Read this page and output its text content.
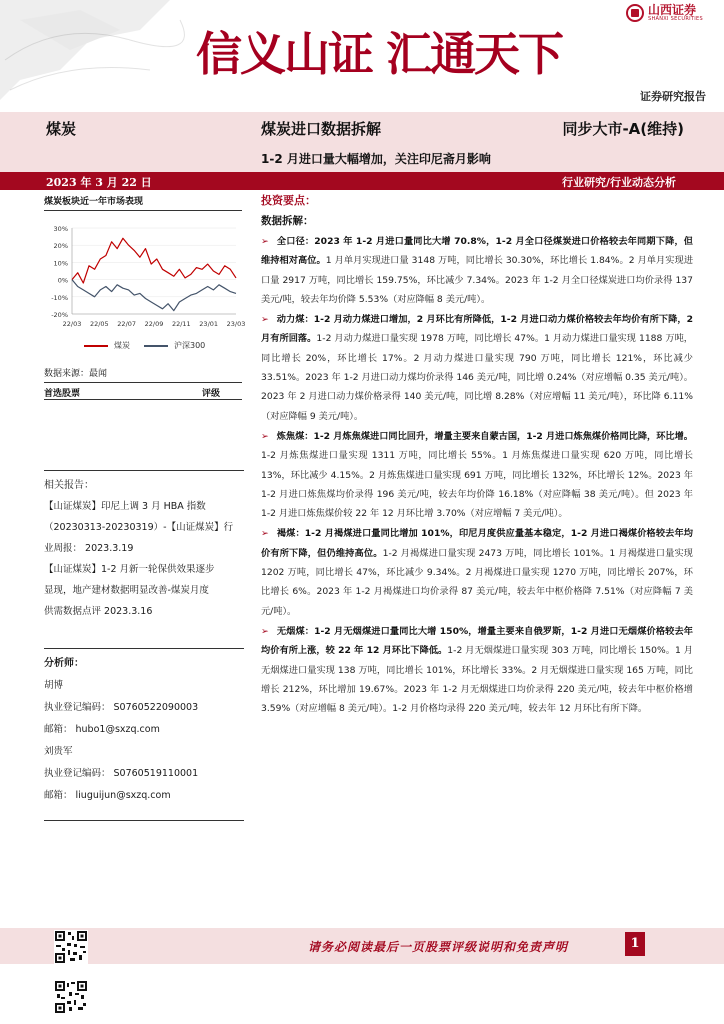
信义山证 汇通天下
山西证券
SHANXI SECURITIES
证券研究报告
煤炭	煤炭进口数据拆解	同步大市-A(维持)
1-2 月进口量大幅增加，关注印尼斋月影响
2023 年 3 月 22 日	行业研究/行业动态分析
煤炭板块近一年市场表现
30%
20%
10%
0%
-10%
-20%
22/03 22/05 22/07 22/09 22/11 23/01 23/03
煤炭	沪深300
数据来源：最闻
首选股票	评级
相关报告：
【山证煤炭】印尼上调 3 月 HBA 指数
（20230313-20230319）-【山证煤炭】行
业周报： 2023.3.19
【山证煤炭】1-2 月新一轮保供效果逐步
显现，地产建材数据明显改善-煤炭月度
供需数据点评 2023.3.16
分析师：
胡博
执业登记编码： S0760522090003
邮箱： hubo1@sxzq.com
刘贵军
执业登记编码： S0760519110001
邮箱： liuguijun@sxzq.com
投资要点：
数据拆解：
➢ 全口径：2023 年 1-2 月进口量同比大增 70.8%，1-2 月全口径煤炭进口价格较去年同期下降，但维持相对高位。1 月单月实现进口量 3148 万吨，同比增长 30.30%，环比增长 1.84%。2 月单月实现进口量 2917 万吨，同比增长 159.75%，环比减少 7.34%。2023 年 1-2 月全口径煤炭进口均价录得 137 美元/吨，较去年均价降 5.53%（对应降幅 8 美元/吨）。
➢ 动力煤：1-2 月动力煤进口增加，2 月环比有所降低，1-2 月进口动力煤价格较去年均价有所下降，2 月有所回落。1-2 月动力煤进口量实现 1978 万吨，同比增长 47%。1 月动力煤进口量实现 1188 万吨，同比增长 20%，环比增长 17%。2 月动力煤进口量实现 790 万吨，同比增长 121%，环比减少 33.51%。2023 年 1-2 月进口动力煤均价录得 146 美元/吨，同比增 0.24%（对应增幅 0.35 美元/吨）。2023 年 2 月进口动力煤价格录得 140 美元/吨，同比增 8.28%（对应增幅 11 美元/吨），环比降 6.11%（对应降幅 9 美元/吨）。
➢ 炼焦煤：1-2 月炼焦煤进口同比回升，增量主要来自蒙古国，1-2 月进口炼焦煤价格同比降，环比增。1-2 月炼焦煤进口量实现 1311 万吨，同比增长 55%。1 月炼焦煤进口量实现 620 万吨，同比增长 13%，环比减少 4.15%。2 月炼焦煤进口量实现 691 万吨，同比增长 132%，环比增长 12%。2023 年 1-2 月进口炼焦煤均价录得 196 美元/吨，较去年均价降 16.18%（对应降幅 38 美元/吨）。但 2023 年 1-2 月进口炼焦煤价较 22 年 12 月环比增 3.70%（对应增幅 7 美元/吨）。
➢ 褐煤：1-2 月褐煤进口量同比增加 101%，印尼月度供应量基本稳定，1-2 月进口褐煤价格较去年均价有所下降，但仍维持高位。1-2 月褐煤进口量实现 2473 万吨，同比增长 101%。1 月褐煤进口量实现 1202 万吨，同比增长 47%，环比减少 9.34%。2 月褐煤进口量实现 1270 万吨，同比增长 207%，环比增长 6%。2023 年 1-2 月褐煤进口均价录得 87 美元/吨，较去年中枢价格降 7.51%（对应降幅 7 美元/吨）。
➢ 无烟煤：1-2 月无烟煤进口量同比大增 150%，增量主要来自俄罗斯，1-2 月进口无烟煤价格较去年均价有所上涨，较 22 年 12 月环比下降低。1-2 月无烟煤进口量实现 303 万吨，同比增长 150%。1 月无烟煤进口量实现 138 万吨，同比增长 101%，环比增长 33%。2 月无烟煤进口量实现 165 万吨，同比增长 212%，环比增加 19.67%。2023 年 1-2 月无烟煤进口均价录得 220 美元/吨，较去年中枢价格增 3.59%（对应增幅 8 美元/吨）。1-2 月价格均录得 220 美元/吨，较去年 12 月环比有所下降。
请务必阅读最后一页股票评级说明和免责声明	1
